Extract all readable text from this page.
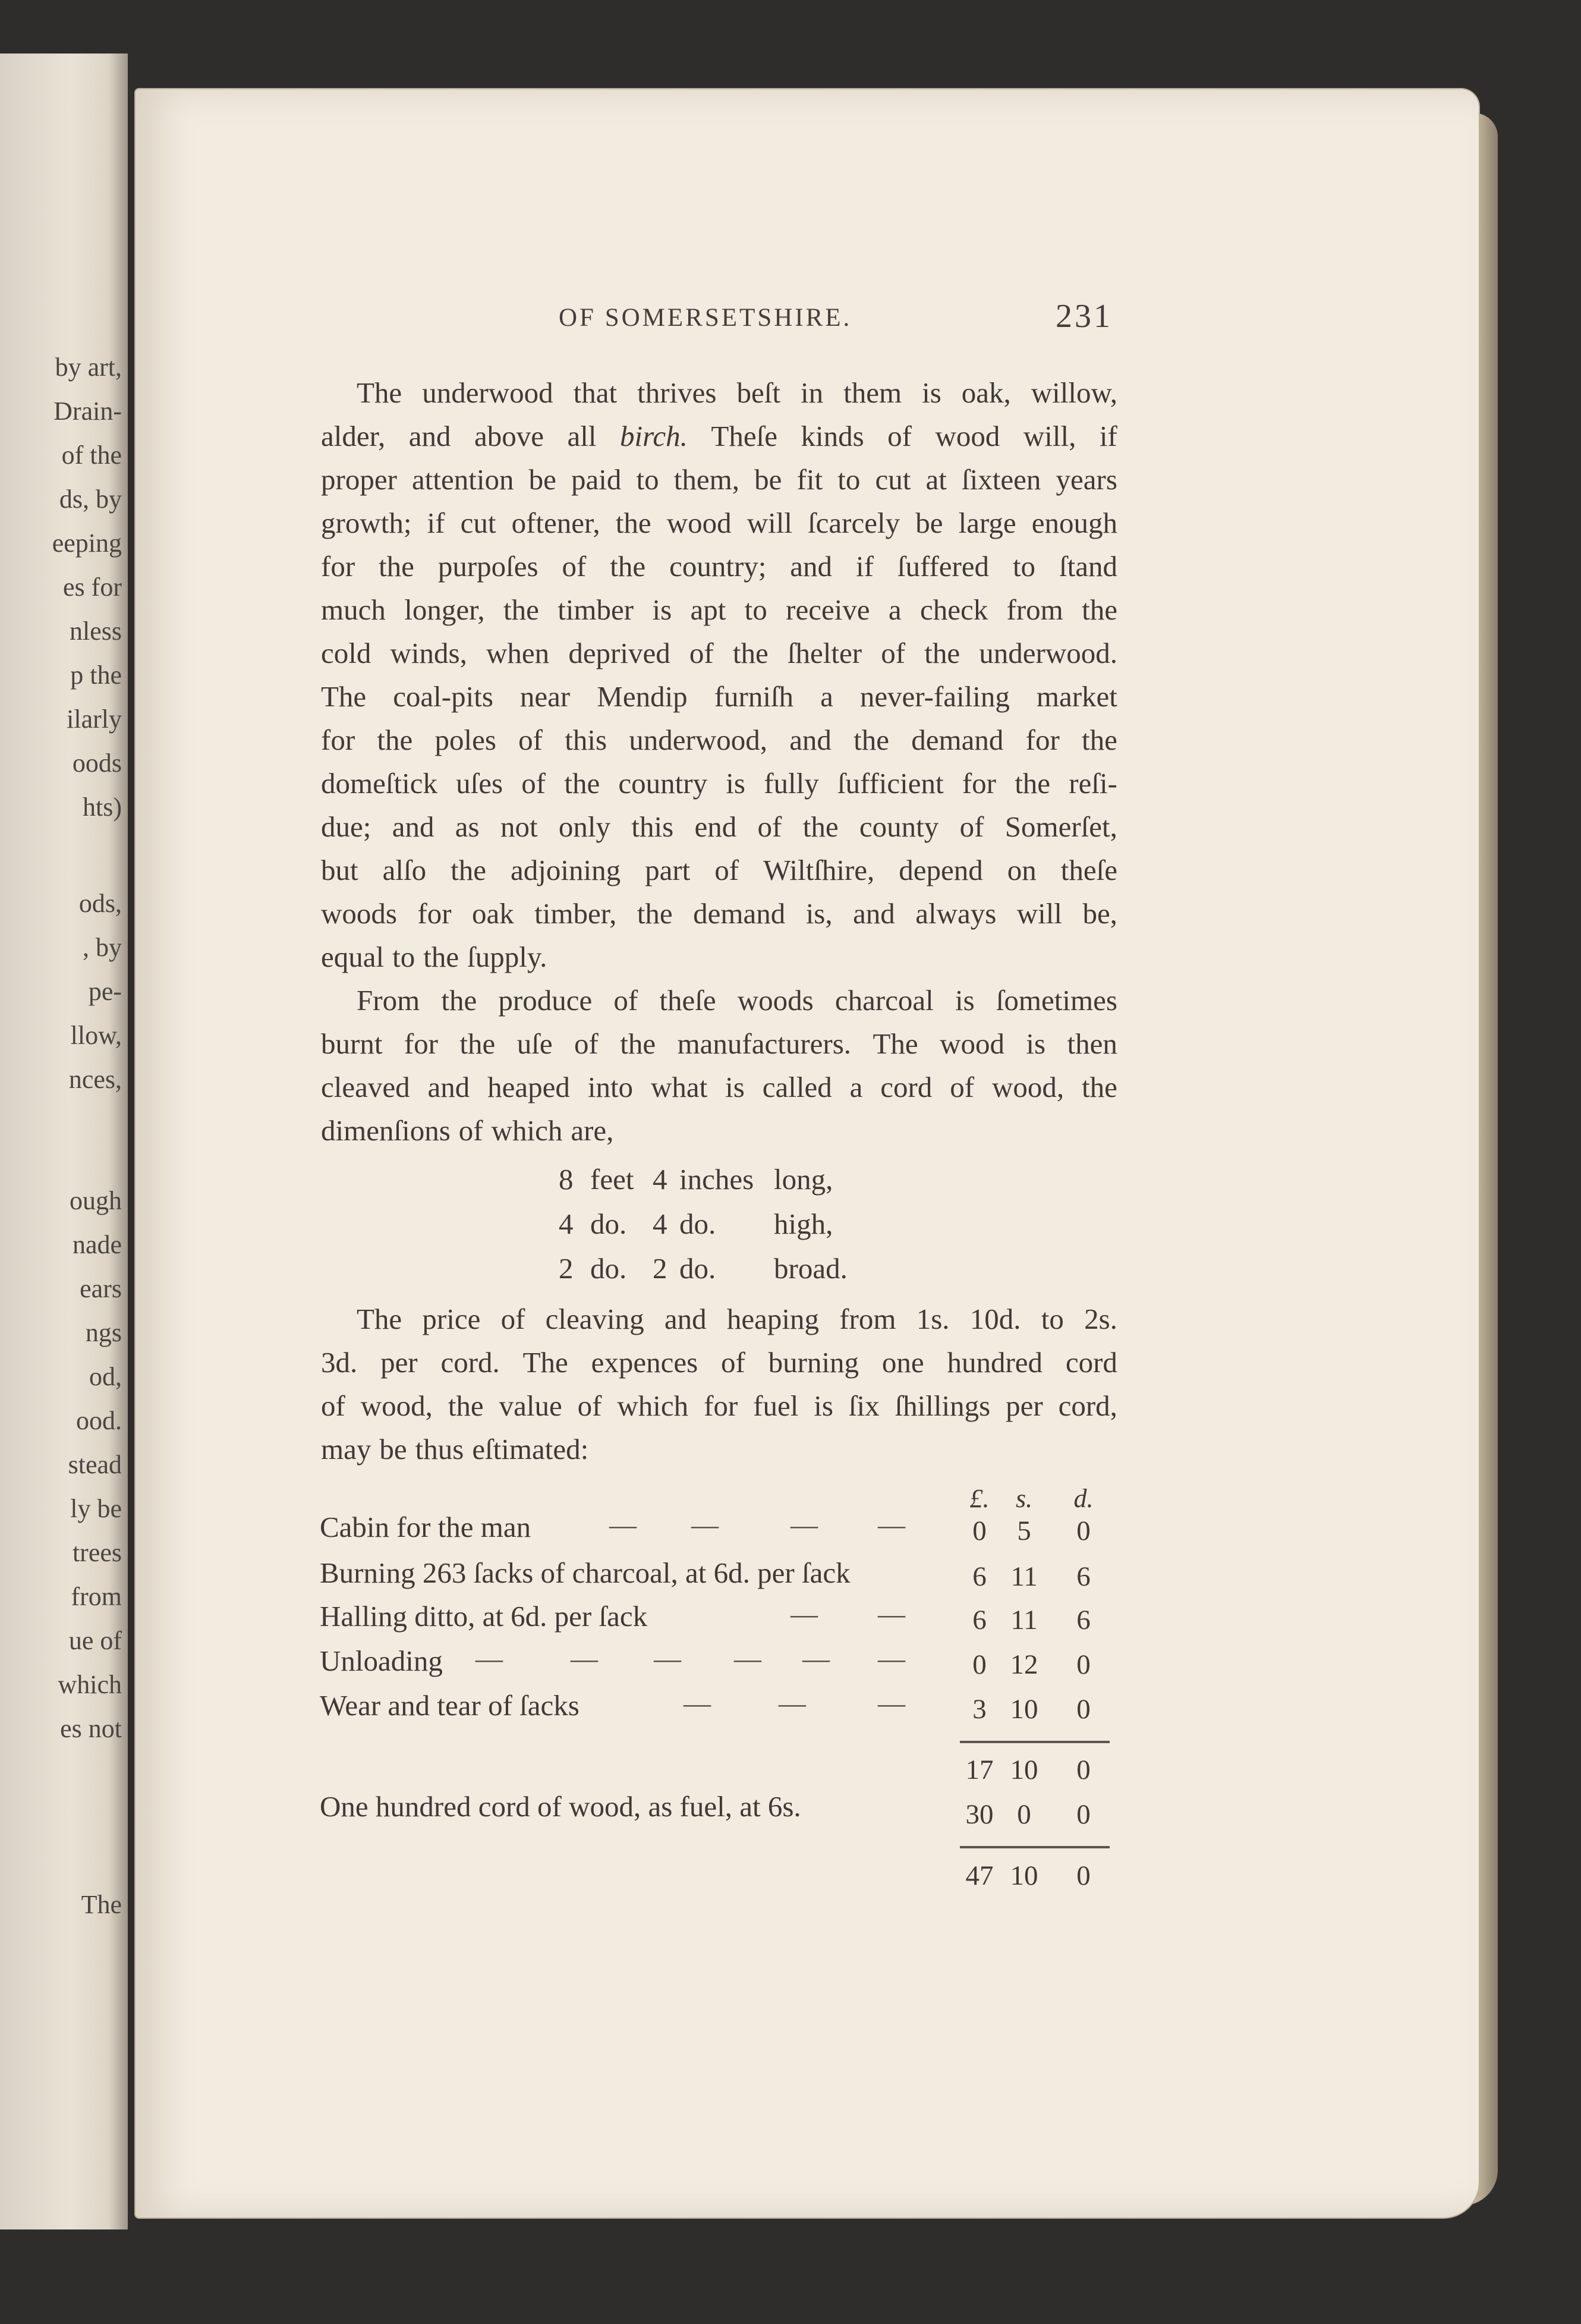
by art,
Drain-
of the
ds, by
eeping
es for
nless
p the
ilarly
oods
hts)
ods,
, by
pe-
llow,
nces,
ough
nade
ears
ngs
od,
ood.
stead
ly be
trees
from
ue of
which
es not
The
OF SOMERSETSHIRE.	231
The underwood that thrives beſt in them is oak, willow,
alder, and above all birch. Theſe kinds of wood will, if
proper attention be paid to them, be fit to cut at ſixteen years
growth; if cut oftener, the wood will ſcarcely be large enough
for the purpoſes of the country; and if ſuffered to ſtand
much longer, the timber is apt to receive a check from the
cold winds, when deprived of the ſhelter of the underwood.
The coal-pits near Mendip furniſh a never-failing market
for the poles of this underwood, and the demand for the
domeſtick uſes of the country is fully ſufficient for the reſi-
due; and as not only this end of the county of Somerſet,
but alſo the adjoining part of Wiltſhire, depend on theſe
woods for oak timber, the demand is, and always will be,
equal to the ſupply.
From the produce of theſe woods charcoal is ſometimes
burnt for the uſe of the manufacturers. The wood is then
cleaved and heaped into what is called a cord of wood, the
dimenſions of which are,
8 feet 4 inches long,
4 do. 4 do. high,
2 do. 2 do. broad.
The price of cleaving and heaping from 1s. 10d. to 2s.
3d. per cord. The expences of burning one hundred cord
of wood, the value of which for fuel is ſix ſhillings per cord,
may be thus eſtimated:
£.	s.	d.
Cabin for the man	— —	— —	0	5	0
Burning 263 ſacks of charcoal, at 6d. per ſack	6 11	6
Halling ditto, at 6d. per ſack	— —	6 11	6
Unloading — — — — — —	0 12	0
Wear and tear of ſacks	— —	—	3 10	0
17 10	0
One hundred cord of wood, as fuel, at 6s.	30 0	0
47 10	0
